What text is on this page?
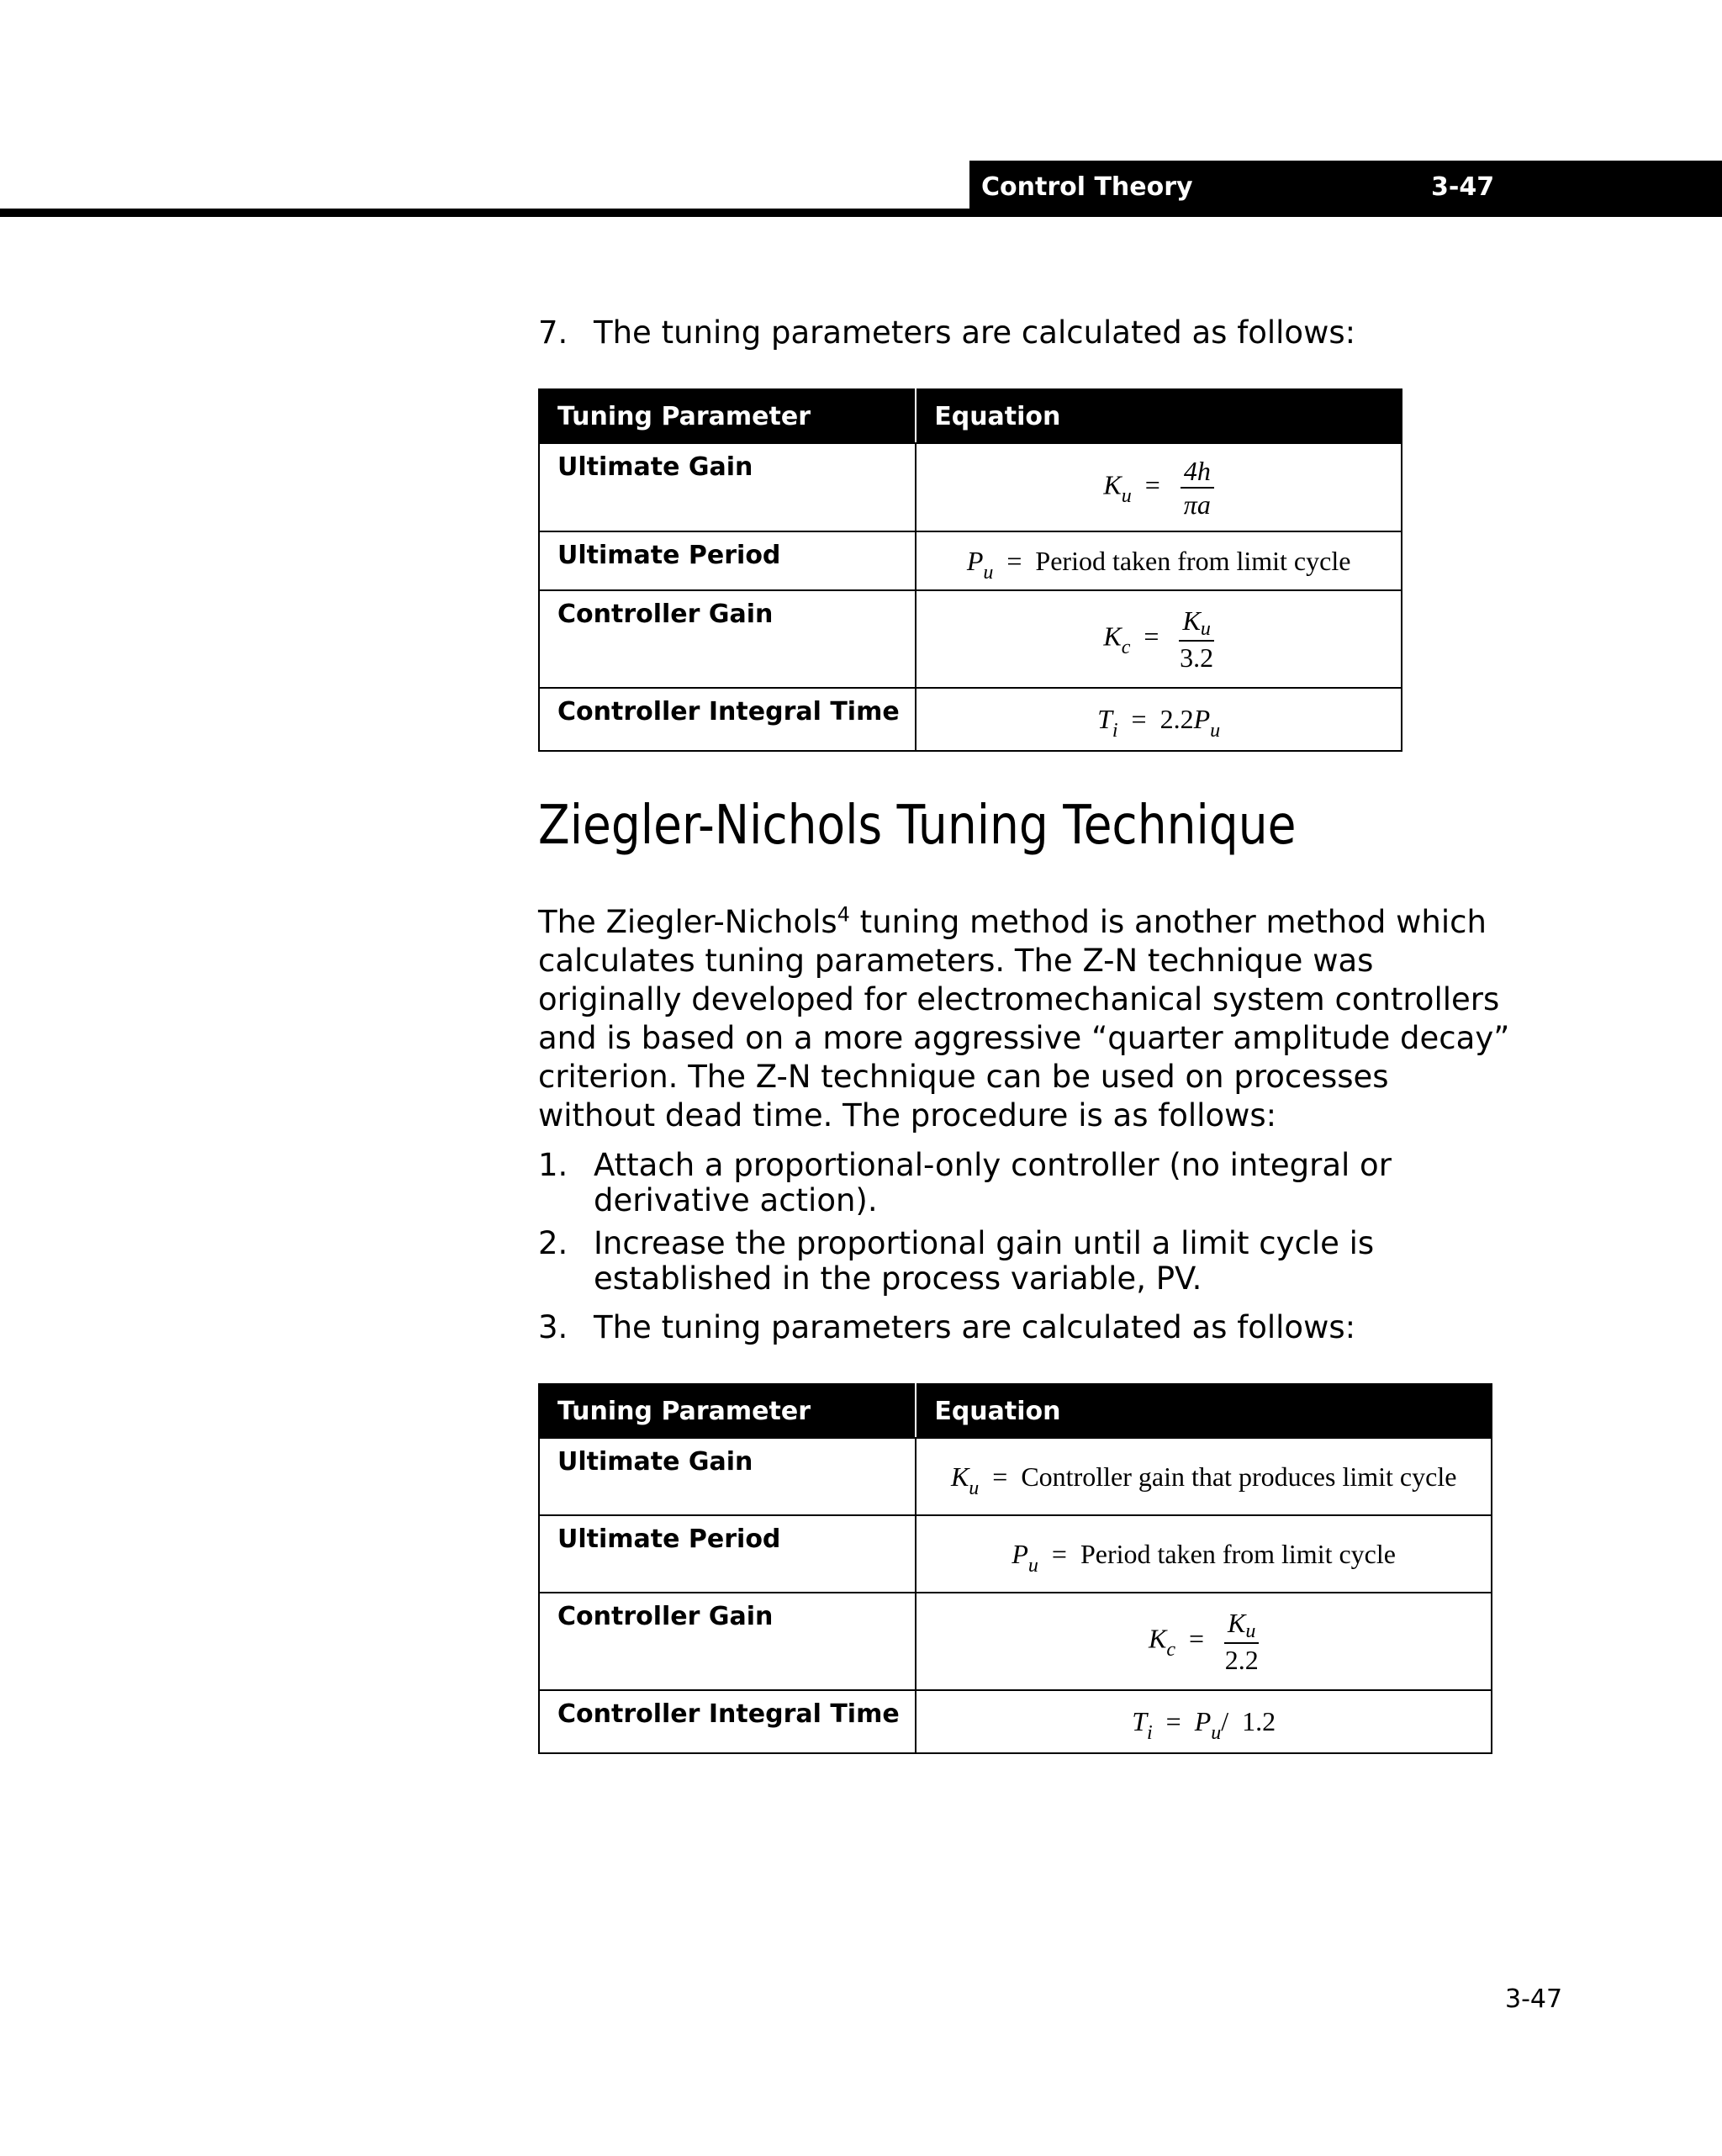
Control Theory	3-47
7. The tuning parameters are calculated as follows:
Tuning Parameter	Equation
Ultimate Gain	$K_u = \frac{4h}{\pi a}$

Ultimate Period	$P_u$  =  Period taken from limit cycle
Controller Gain	$K_c = \frac{Ku}{3.2}$

Controller Integral Time	$T_i = 2.2P_u$
Ziegler-Nichols Tuning Technique
The Ziegler-Nichols$^4$ tuning method is another method which calculates tuning parameters. The Z-N technique was originally developed for electromechanical system controllers and is based on a more aggressive “quarter amplitude decay” criterion. The Z-N technique can be used on processes without dead time. The procedure is as follows:
1. Attach a proportional-only controller (no integral or derivative action).
2. Increase the proportional gain until a limit cycle is established in the process variable, PV.
3. The tuning parameters are calculated as follows:
Tuning Parameter	Equation
Ultimate Gain	$K_u$  =  Controller gain that produces limit cycle
Ultimate Period	$P_u$  =  Period taken from limit cycle
Controller Gain	$K_c = \frac{Ku}{2.2}$

Controller Integral Time	$T_i = P_u/$ 1.2
3-47
